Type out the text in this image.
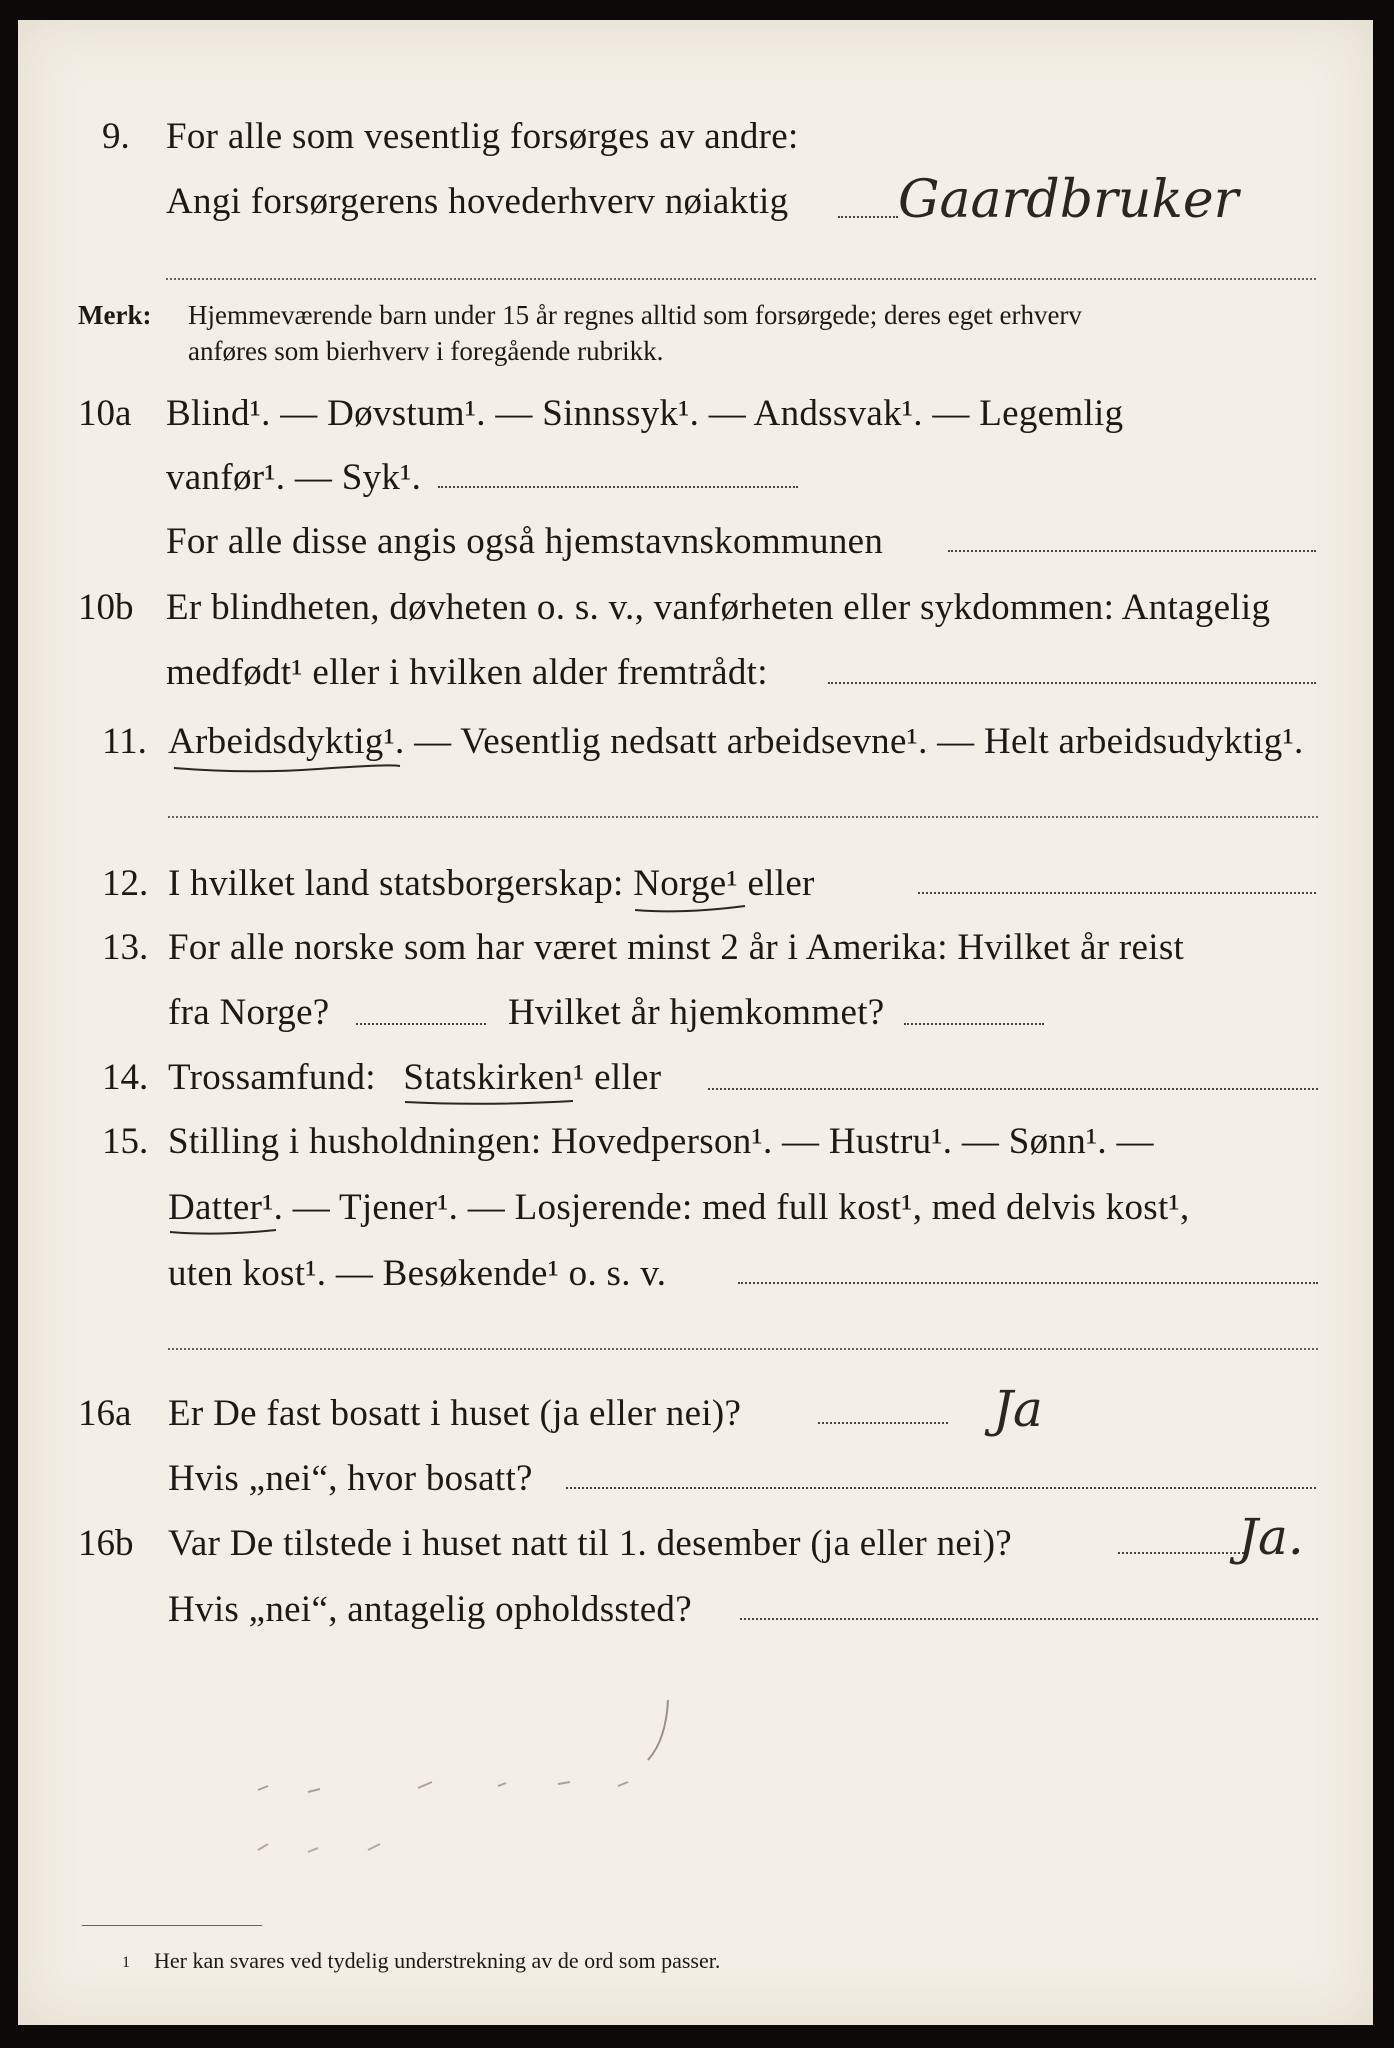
9. For alle som vesentlig forsørges av andre:
Angi forsørgerens hovederhverv nøiaktig Gaardbruker
Merk: Hjemmeværende barn under 15 år regnes alltid som forsørgede; deres eget erhverv
anføres som bierhverv i foregående rubrikk.
10a Blind¹. — Døvstum¹. — Sinnssyk¹. — Andssvak¹. — Legemlig
vanfør¹. — Syk¹.
For alle disse angis også hjemstavnskommunen
10b Er blindheten, døvheten o. s. v., vanførheten eller sykdommen: Antagelig
medfødt¹ eller i hvilken alder fremtrådt:
11. Arbeidsdyktig¹. — Vesentlig nedsatt arbeidsevne¹. — Helt arbeidsudyktig¹.
12. I hvilket land statsborgerskap: Norge¹ eller
13. For alle norske som har været minst 2 år i Amerika: Hvilket år reist
fra Norge?	Hvilket år hjemkommet?
14. Trossamfund: Statskirken¹ eller
15. Stilling i husholdningen: Hovedperson¹. — Hustru¹. — Sønn¹. —
Datter¹. — Tjener¹. — Losjerende: med full kost¹, med delvis kost¹,
uten kost¹. — Besøkende¹ o. s. v.
16a Er De fast bosatt i huset (ja eller nei)?	Ja
Hvis „nei“, hvor bosatt?
16b Var De tilstede i huset natt til 1. desember (ja eller nei)?	Ja.
Hvis „nei“, antagelig opholdssted?
1 Her kan svares ved tydelig understrekning av de ord som passer.
